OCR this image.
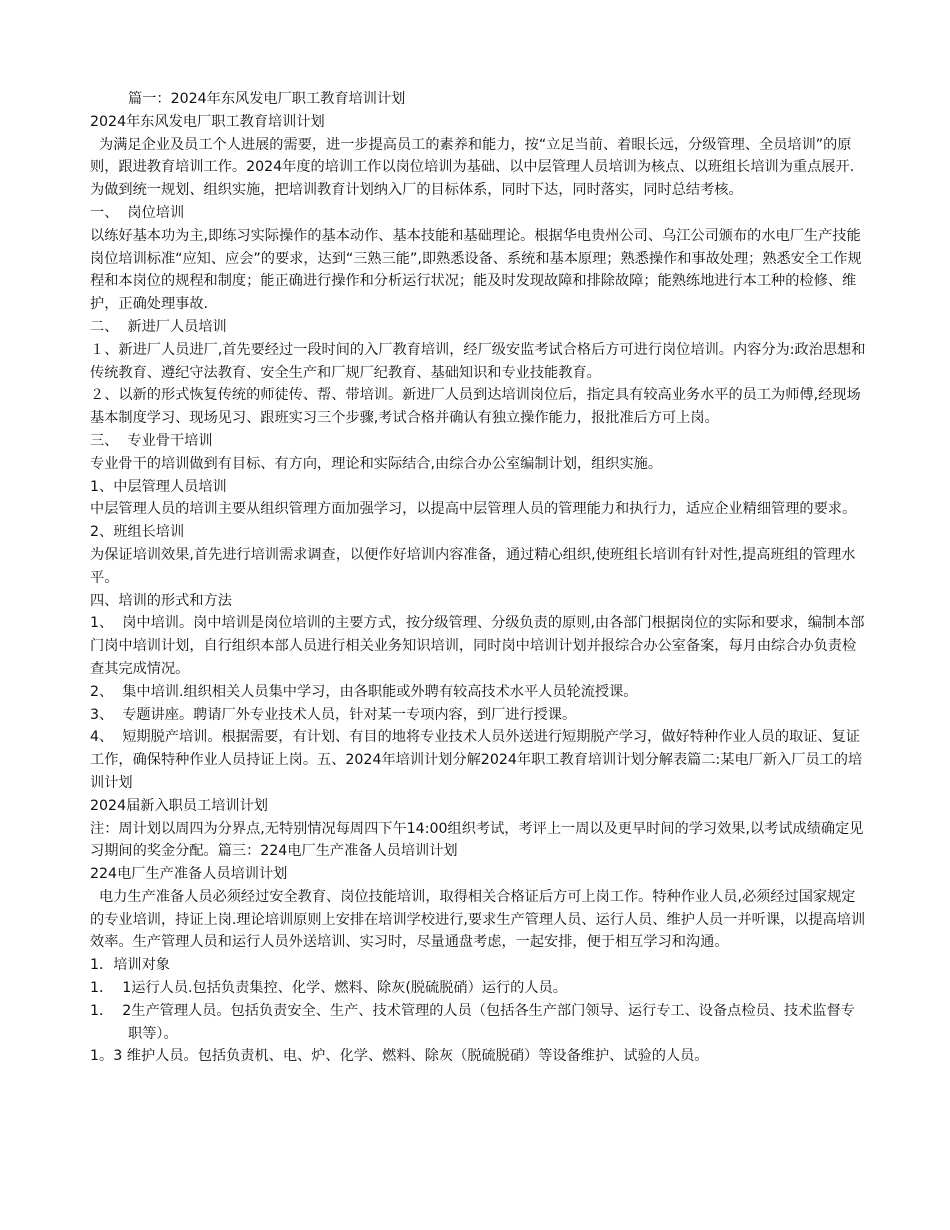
篇一：2024年东风发电厂职工教育培训计划

2024年东风发电厂职工教育培训计划

为满足企业及员工个人进展的需要，进一步提高员工的素养和能力，按“立足当前、着眼长远，分级管理、全员培训”的原则，跟进教育培训工作。2024年度的培训工作以岗位培训为基础、以中层管理人员培训为核点、以班组长培训为重点展开.为做到统一规划、组织实施，把培训教育计划纳入厂的目标体系，同时下达，同时落实，同时总结考核。

一、  岗位培训

以练好基本功为主,即练习实际操作的基本动作、基本技能和基础理论。根据华电贵州公司、乌江公司颁布的水电厂生产技能岗位培训标准“应知、应会”的要求，达到“三熟三能”,即熟悉设备、系统和基本原理；熟悉操作和事故处理；熟悉安全工作规程和本岗位的规程和制度；能正确进行操作和分析运行状况；能及时发现故障和排除故障；能熟练地进行本工种的检修、维护，正确处理事故.

二、  新进厂人员培训

１、新进厂人员进厂,首先要经过一段时间的入厂教育培训，经厂级安监考试合格后方可进行岗位培训。内容分为:政治思想和传统教育、遵纪守法教育、安全生产和厂规厂纪教育、基础知识和专业技能教育。

２、以新的形式恢复传统的师徒传、帮、带培训。新进厂人员到达培训岗位后，指定具有较高业务水平的员工为师傅,经现场基本制度学习、现场见习、跟班实习三个步骤,考试合格并确认有独立操作能力，报批准后方可上岗。

三、  专业骨干培训

专业骨干的培训做到有目标、有方向，理论和实际结合,由综合办公室编制计划，组织实施。

1、中层管理人员培训

中层管理人员的培训主要从组织管理方面加强学习，以提高中层管理人员的管理能力和执行力，适应企业精细管理的要求。

2、班组长培训

为保证培训效果,首先进行培训需求调查，以便作好培训内容准备，通过精心组织,使班组长培训有针对性,提高班组的管理水平。

四、培训的形式和方法

1、  岗中培训。岗中培训是岗位培训的主要方式，按分级管理、分级负责的原则,由各部门根据岗位的实际和要求，编制本部门岗中培训计划，自行组织本部人员进行相关业务知识培训，同时岗中培训计划并报综合办公室备案，每月由综合办负责检查其完成情况。

2、  集中培训.组织相关人员集中学习，由各职能或外聘有较高技术水平人员轮流授课。

3、  专题讲座。聘请厂外专业技术人员，针对某一专项内容，到厂进行授课。

4、  短期脱产培训。根据需要，有计划、有目的地将专业技术人员外送进行短期脱产学习，做好特种作业人员的取证、复证工作，确保特种作业人员持证上岗。五、2024年培训计划分解2024年职工教育培训计划分解表篇二:某电厂新入厂员工的培训计划

2024届新入职员工培训计划

注：周计划以周四为分界点,无特别情况每周四下午14:00组织考试，考评上一周以及更早时间的学习效果,以考试成绩确定见习期间的奖金分配。篇三：224电厂生产准备人员培训计划

224电厂生产准备人员培训计划

电力生产准备人员必须经过安全教育、岗位技能培训，取得相关合格证后方可上岗工作。特种作业人员,必须经过国家规定的专业培训，持证上岗.理论培训原则上安排在培训学校进行,要求生产管理人员、运行人员、维护人员一并听课，以提高培训效率。生产管理人员和运行人员外送培训、实习时，尽量通盘考虑，一起安排，便于相互学习和沟通。

1．培训对象

1．  1运行人员.包括负责集控、化学、燃料、除灰(脱硫脱硝）运行的人员。

1．  2生产管理人员。包括负责安全、生产、技术管理的人员（包括各生产部门领导、运行专工、设备点检员、技术监督专职等）。

1。3 维护人员。包括负责机、电、炉、化学、燃料、除灰（脱硫脱硝）等设备维护、试验的人员。
